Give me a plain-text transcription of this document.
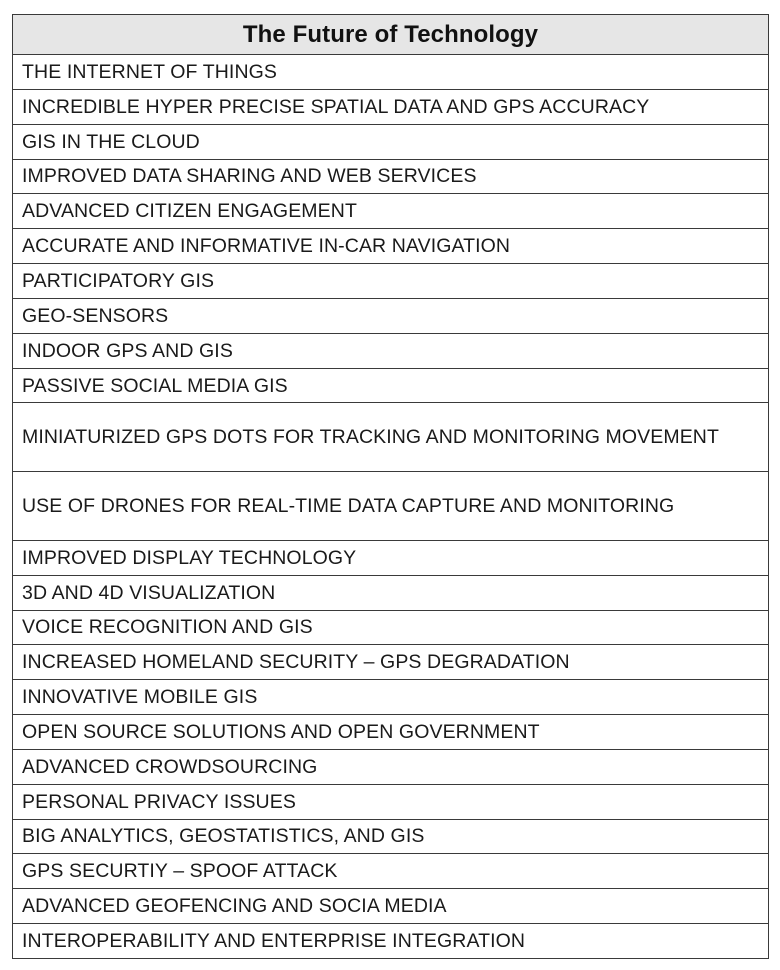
The Future of Technology
THE INTERNET OF THINGS
INCREDIBLE HYPER PRECISE SPATIAL DATA AND GPS ACCURACY
GIS IN THE CLOUD
IMPROVED DATA SHARING AND WEB SERVICES
ADVANCED CITIZEN ENGAGEMENT
ACCURATE AND INFORMATIVE IN-CAR NAVIGATION
PARTICIPATORY GIS
GEO-SENSORS
INDOOR GPS AND GIS
PASSIVE SOCIAL MEDIA GIS
MINIATURIZED GPS DOTS FOR TRACKING AND MONITORING MOVEMENT
USE OF DRONES FOR REAL-TIME DATA CAPTURE AND MONITORING
IMPROVED DISPLAY TECHNOLOGY
3D AND 4D VISUALIZATION
VOICE RECOGNITION AND GIS
INCREASED HOMELAND SECURITY – GPS DEGRADATION
INNOVATIVE MOBILE GIS
OPEN SOURCE SOLUTIONS AND OPEN GOVERNMENT
ADVANCED CROWDSOURCING
PERSONAL PRIVACY ISSUES
BIG ANALYTICS, GEOSTATISTICS, AND GIS
GPS SECURTIY – SPOOF ATTACK
ADVANCED GEOFENCING AND SOCIA MEDIA
INTEROPERABILITY AND ENTERPRISE INTEGRATION
